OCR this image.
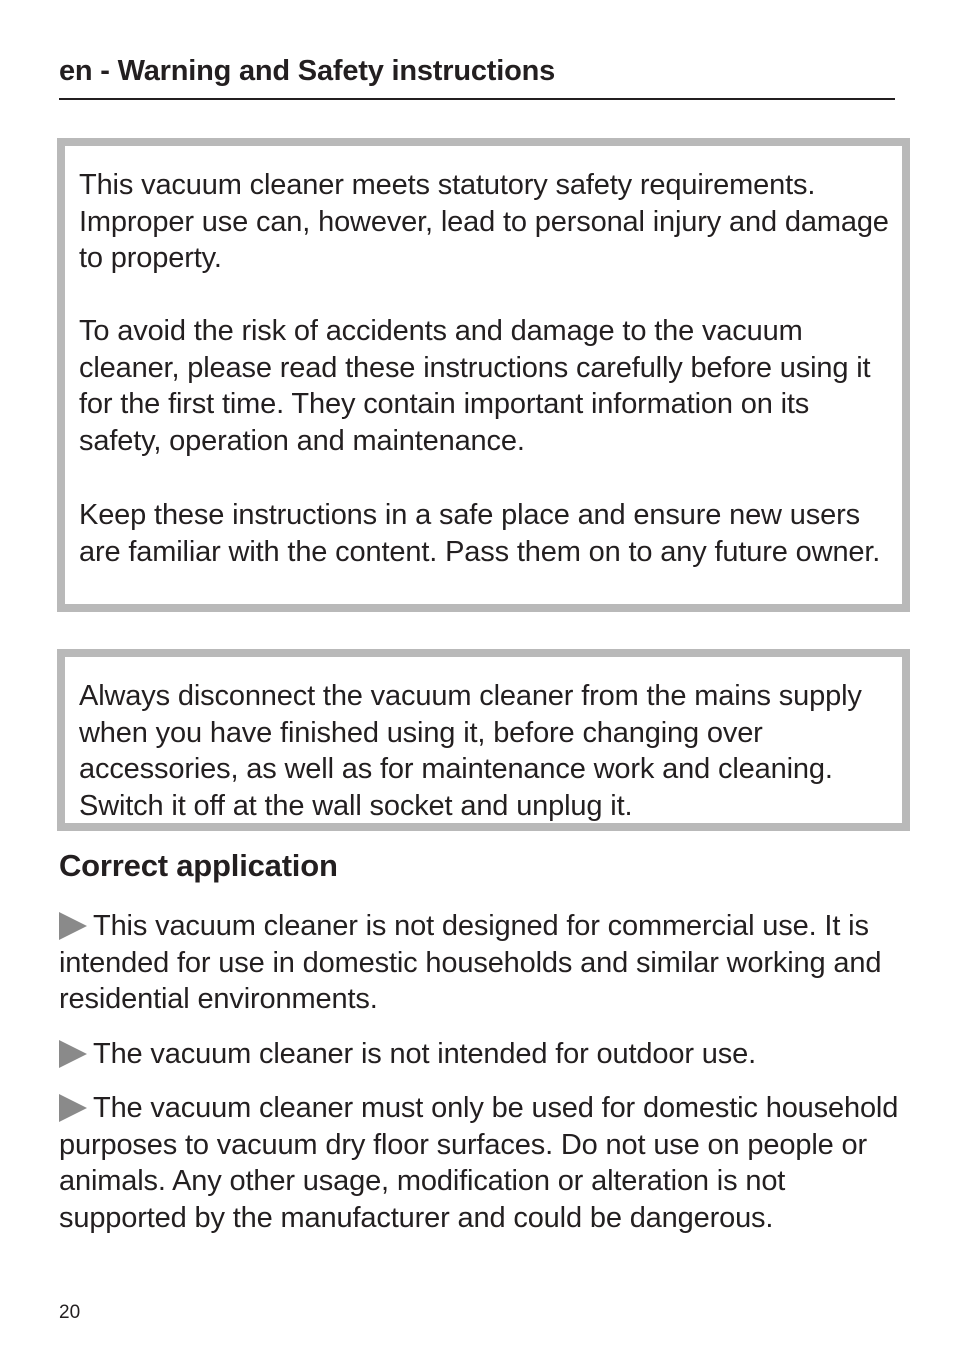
en - Warning and Safety instructions

This vacuum cleaner meets statutory safety requirements. Improper use can, however, lead to personal injury and damage to property.

To avoid the risk of accidents and damage to the vacuum cleaner, please read these instructions carefully before using it for the first time. They contain important information on its safety, operation and maintenance.

Keep these instructions in a safe place and ensure new users are familiar with the content. Pass them on to any future owner.

Always disconnect the vacuum cleaner from the mains supply when you have finished using it, before changing over accessories, as well as for maintenance work and cleaning. Switch it off at the wall socket and unplug it.

Correct application

This vacuum cleaner is not designed for commercial use. It is intended for use in domestic households and similar working and residential environments.

The vacuum cleaner is not intended for outdoor use.

The vacuum cleaner must only be used for domestic household purposes to vacuum dry floor surfaces. Do not use on people or animals. Any other usage, modification or alteration is not supported by the manufacturer and could be dangerous.

20
